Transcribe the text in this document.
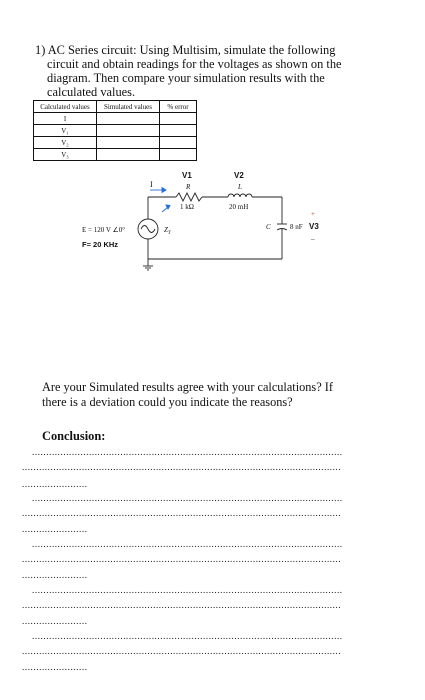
1) AC Series circuit: Using Multisim, simulate the following
circuit and obtain readings for the voltages as shown on the
diagram. Then compare your simulation results with the
calculated values.
Calculated values	Simulated values	% error
I		
V₁		
V₂		
V₃		
I
V1
R
1 kΩ
V2
L
20 mH
C	8 nF
+
V3
–
E = 120 V ∠0°
F= 20 KHz
$Z_T$
Are your Simulated results agree with your calculations? If
there is a deviation could you indicate the reasons?
Conclusion:
.............................................................................................................
................................................................................................................
.......................
.............................................................................................................
................................................................................................................
.......................
.............................................................................................................
................................................................................................................
.......................
.............................................................................................................
................................................................................................................
.......................
.............................................................................................................
................................................................................................................
.......................
